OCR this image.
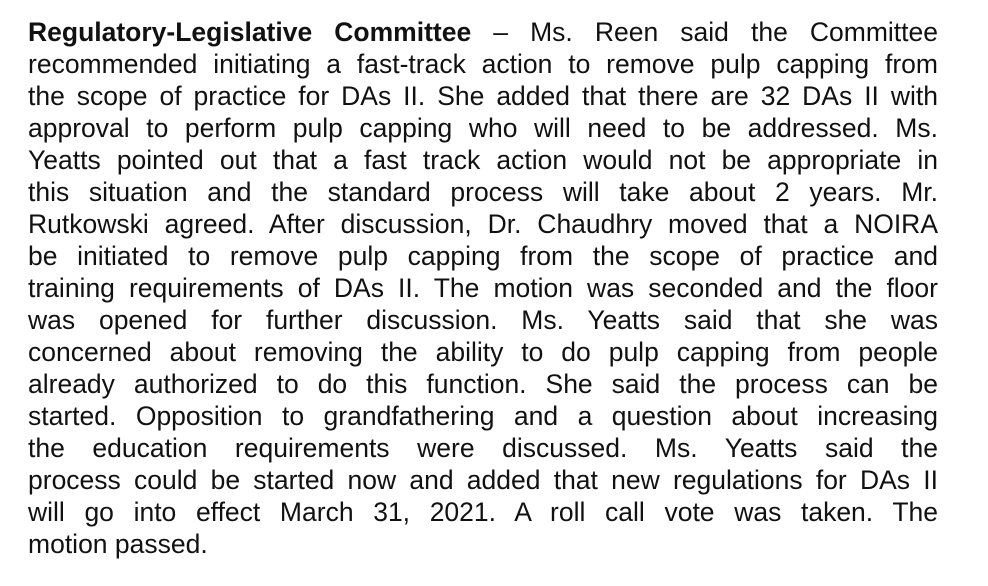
Regulatory-Legislative Committee – Ms. Reen said the Committee
recommended initiating a fast-track action to remove pulp capping from
the scope of practice for DAs II. She added that there are 32 DAs II with
approval to perform pulp capping who will need to be addressed. Ms.
Yeatts pointed out that a fast track action would not be appropriate in
this situation and the standard process will take about 2 years. Mr.
Rutkowski agreed. After discussion, Dr. Chaudhry moved that a NOIRA
be initiated to remove pulp capping from the scope of practice and
training requirements of DAs II. The motion was seconded and the floor
was opened for further discussion. Ms. Yeatts said that she was
concerned about removing the ability to do pulp capping from people
already authorized to do this function. She said the process can be
started. Opposition to grandfathering and a question about increasing
the education requirements were discussed. Ms. Yeatts said the
process could be started now and added that new regulations for DAs II
will go into effect March 31, 2021. A roll call vote was taken. The
motion passed.
